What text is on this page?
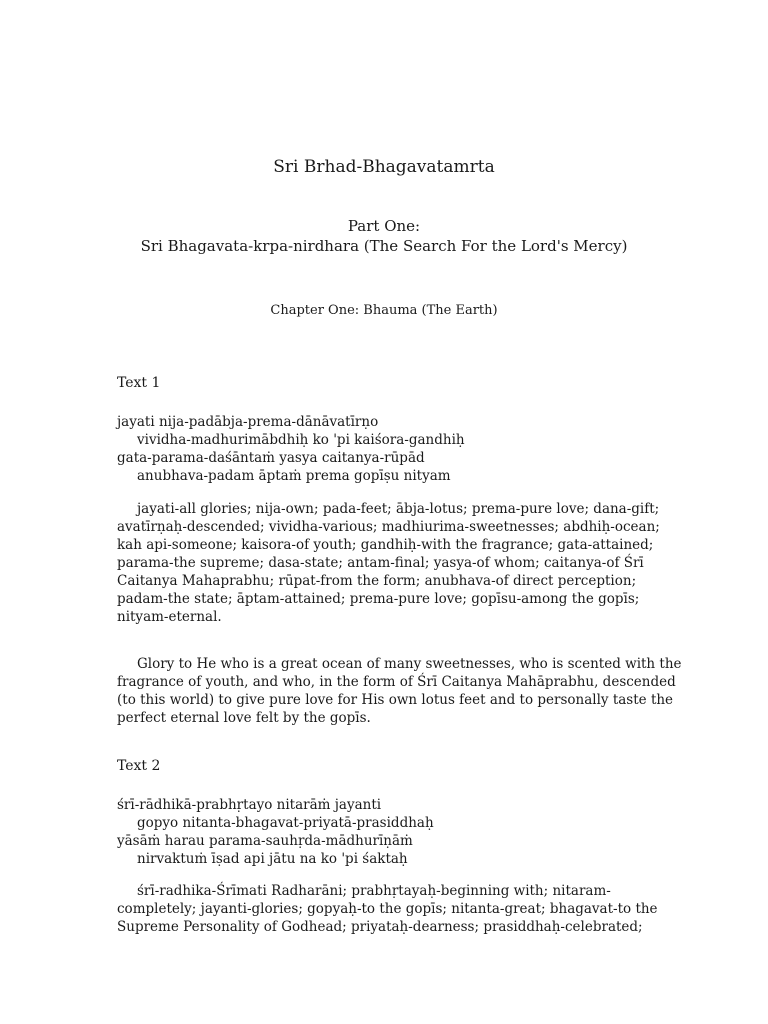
Sri Brhad-Bhagavatamrta
Part One:
Sri Bhagavata-krpa-nirdhara (The Search For the Lord's Mercy)
Chapter One: Bhauma (The Earth)
Text 1
jayati nija-padābja-prema-dānāvatīrṇo
vividha-madhurimābdhiḥ ko 'pi kaiśora-gandhiḥ
gata-parama-daśāntaṁ yasya caitanya-rūpād
anubhava-padam āptaṁ prema gopīṣu nityam
jayati-all glories; nija-own; pada-feet; ābja-lotus; prema-pure love; dana-gift;
avatīrṇaḥ-descended; vividha-various; madhiurima-sweetnesses; abdhiḥ-ocean;
kah api-someone; kaisora-of youth; gandhiḥ-with the fragrance; gata-attained;
parama-the supreme; dasa-state; antam-final; yasya-of whom; caitanya-of Śrī
Caitanya Mahaprabhu; rūpat-from the form; anubhava-of direct perception;
padam-the state; āptam-attained; prema-pure love; gopīsu-among the gopīs;
nityam-eternal.
Glory to He who is a great ocean of many sweetnesses, who is scented with the
fragrance of youth, and who, in the form of Śrī Caitanya Mahāprabhu, descended
(to this world) to give pure love for His own lotus feet and to personally taste the
perfect eternal love felt by the gopīs.
Text 2
śrī-rādhikā-prabhṛtayo nitarāṁ jayanti
gopyo nitanta-bhagavat-priyatā-prasiddhaḥ
yāsāṁ harau parama-sauhṛda-mādhurīṇāṁ
nirvaktuṁ īṣad api jātu na ko 'pi śaktaḥ
śrī-radhika-Śrīmati Radharāni; prabhṛtayaḥ-beginning with; nitaram-
completely; jayanti-glories; gopyaḥ-to the gopīs; nitanta-great; bhagavat-to the
Supreme Personality of Godhead; priyataḥ-dearness; prasiddhaḥ-celebrated;
